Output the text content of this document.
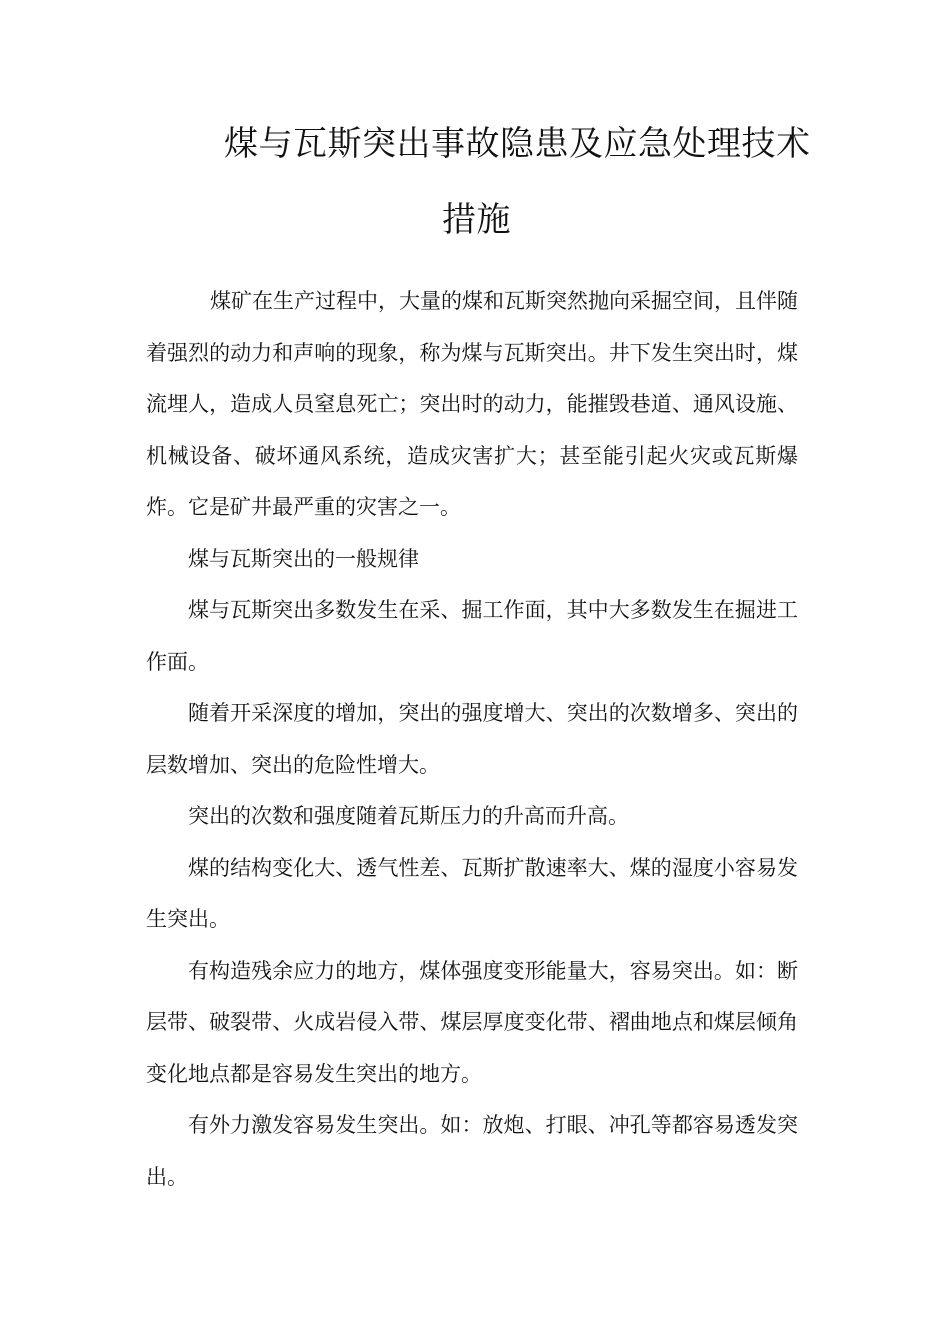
煤与瓦斯突出事故隐患及应急处理技术
措施

煤矿在生产过程中，大量的煤和瓦斯突然抛向采掘空间，且伴随着强烈的动力和声响的现象，称为煤与瓦斯突出。井下发生突出时，煤流埋人，造成人员窒息死亡；突出时的动力，能摧毁巷道、通风设施、机械设备、破坏通风系统，造成灾害扩大；甚至能引起火灾或瓦斯爆炸。它是矿井最严重的灾害之一。

煤与瓦斯突出的一般规律

煤与瓦斯突出多数发生在采、掘工作面，其中大多数发生在掘进工作面。

随着开采深度的增加，突出的强度增大、突出的次数增多、突出的层数增加、突出的危险性增大。

突出的次数和强度随着瓦斯压力的升高而升高。

煤的结构变化大、透气性差、瓦斯扩散速率大、煤的湿度小容易发生突出。

有构造残余应力的地方，煤体强度变形能量大，容易突出。如：断层带、破裂带、火成岩侵入带、煤层厚度变化带、褶曲地点和煤层倾角变化地点都是容易发生突出的地方。

有外力激发容易发生突出。如：放炮、打眼、冲孔等都容易透发突出。
